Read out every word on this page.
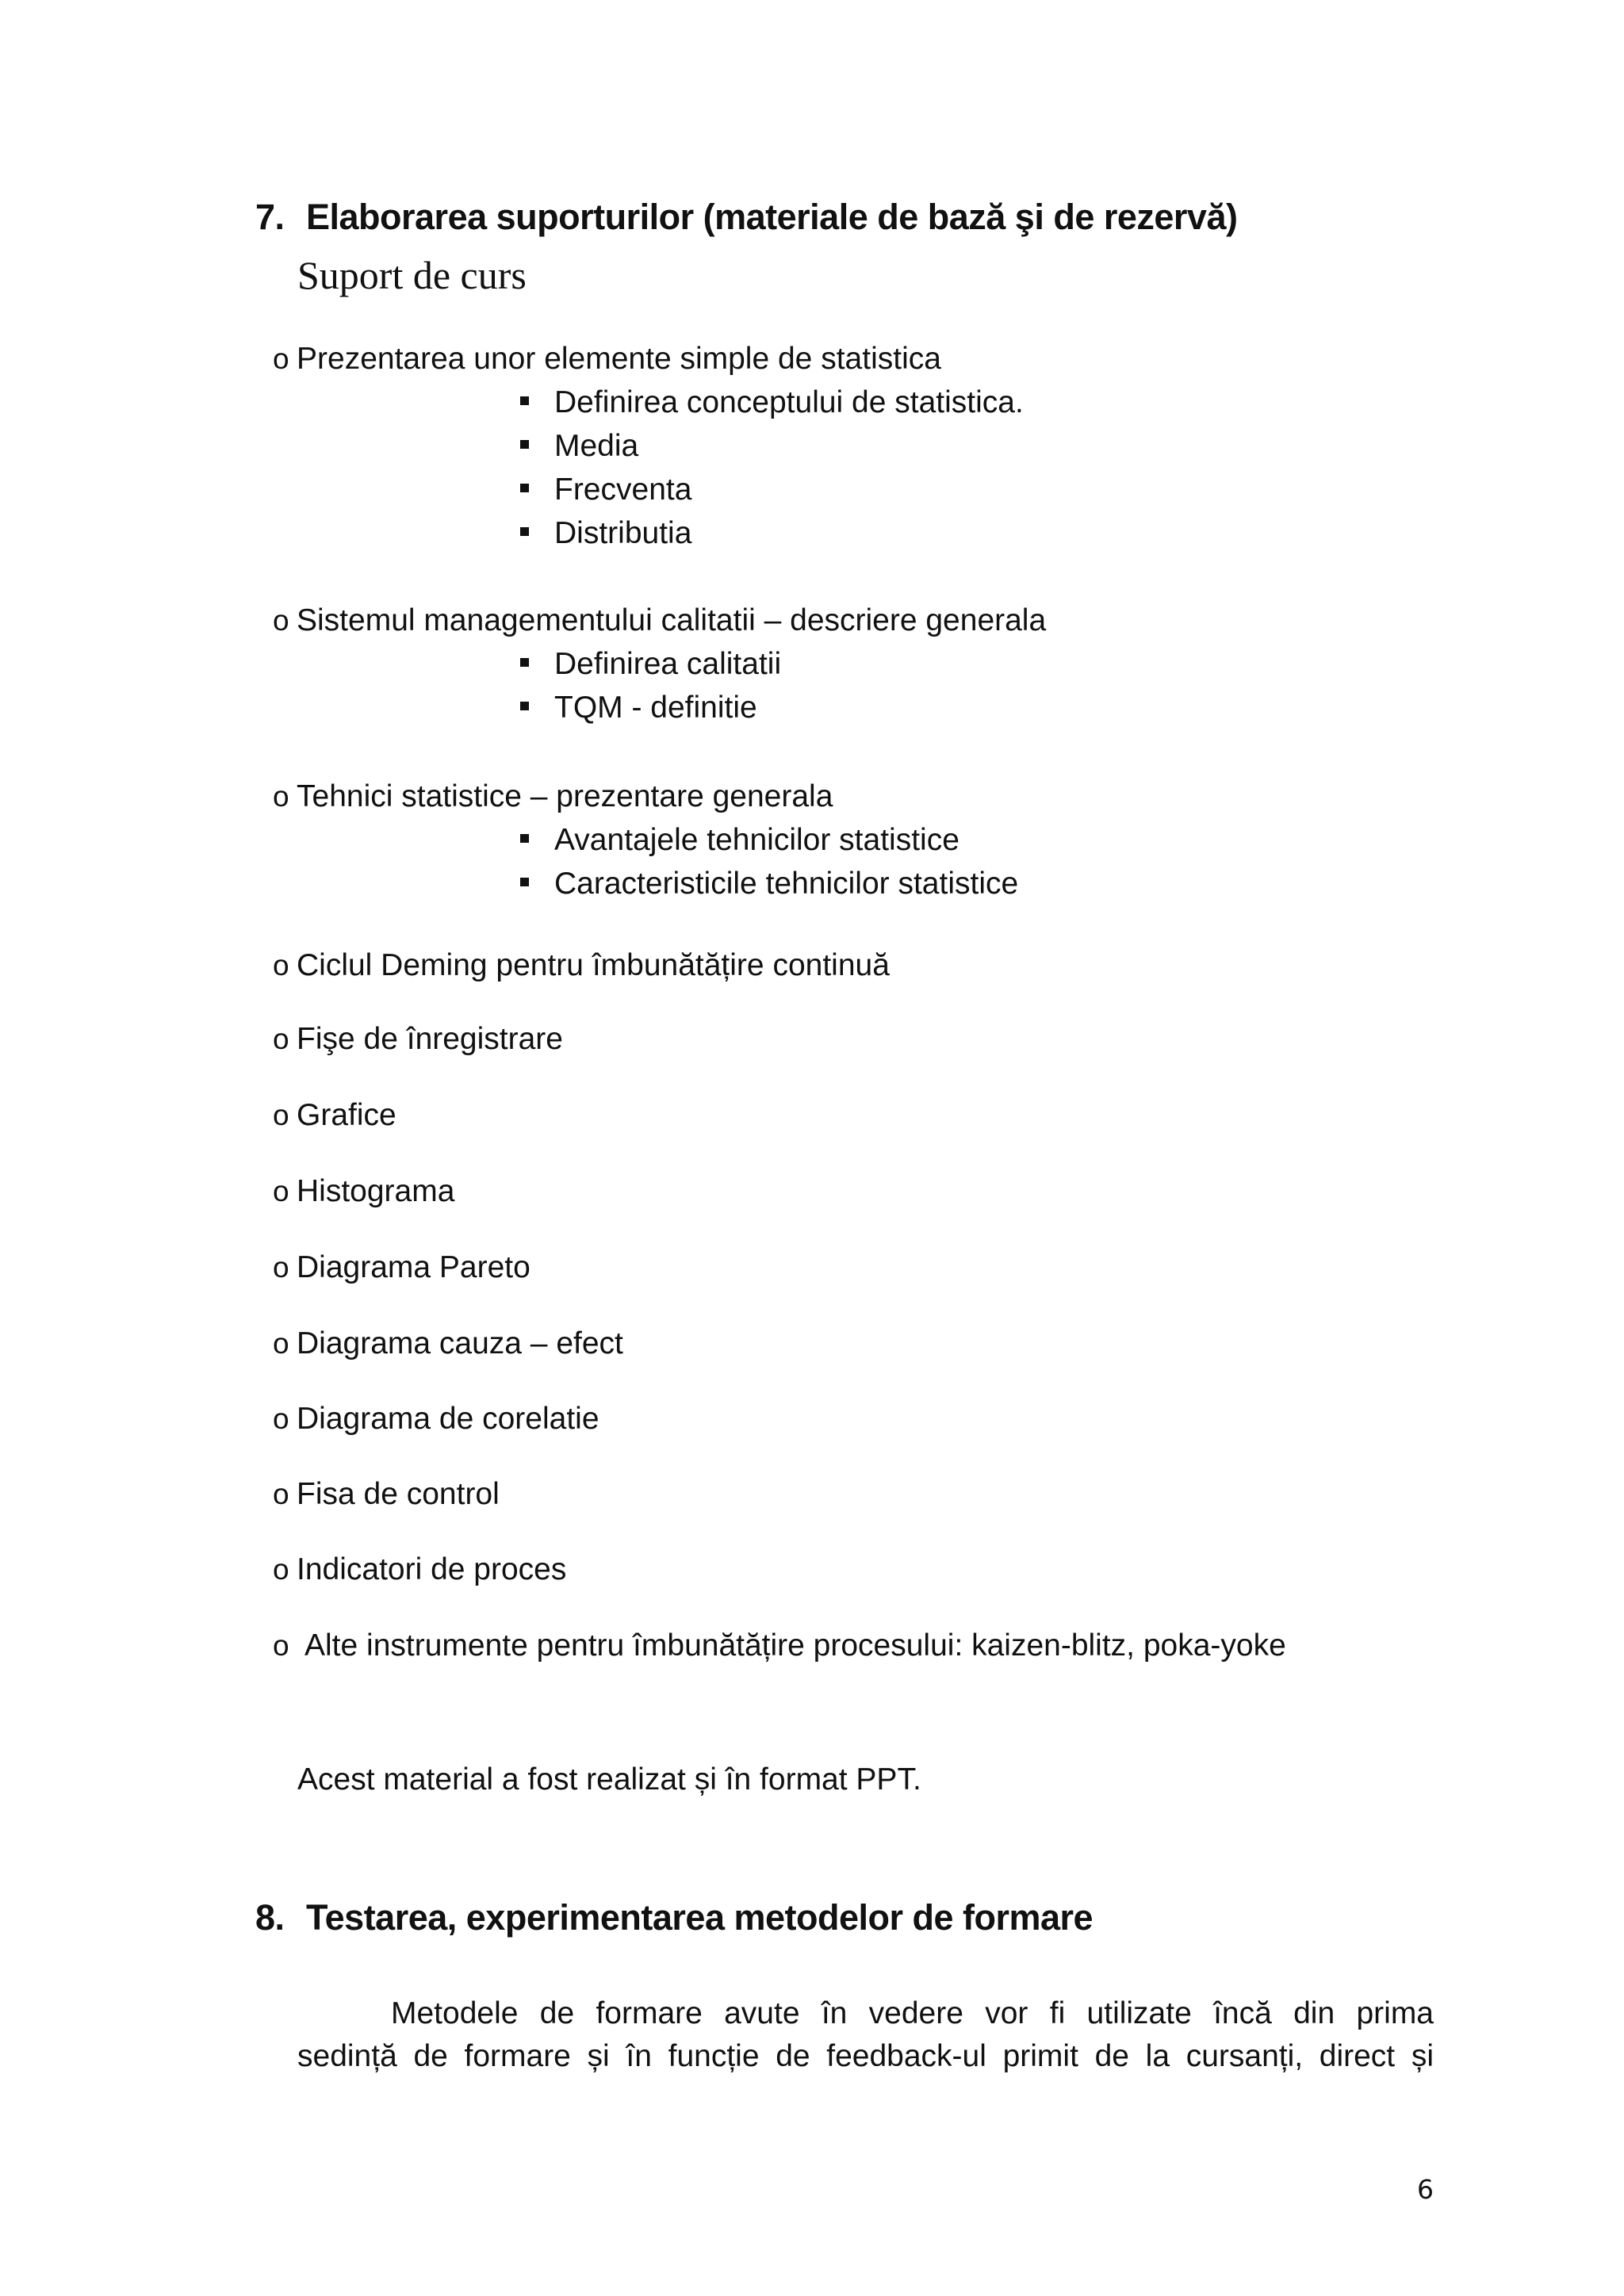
7. Elaborarea suporturilor (materiale de bază şi de rezervă)
Suport de curs
o Prezentarea unor elemente simple de statistica
Definirea conceptului de statistica.
Media
Frecventa
Distributia
o Sistemul managementului calitatii – descriere generala
Definirea calitatii
TQM - definitie
o Tehnici statistice – prezentare generala
Avantajele tehnicilor statistice
Caracteristicile tehnicilor statistice
o Ciclul Deming pentru îmbunătățire continuă
o Fişe de înregistrare
o Grafice
o Histograma
o Diagrama Pareto
o Diagrama cauza – efect
o Diagrama de corelatie
o Fisa de control
o Indicatori de proces
o Alte instrumente pentru îmbunătățire procesului: kaizen-blitz, poka-yoke
Acest material a fost realizat și în format PPT.
8. Testarea, experimentarea metodelor de formare
Metodele de formare avute în vedere vor fi utilizate încă din prima
sedință de formare și în funcție de feedback-ul primit de la cursanți, direct și
6
